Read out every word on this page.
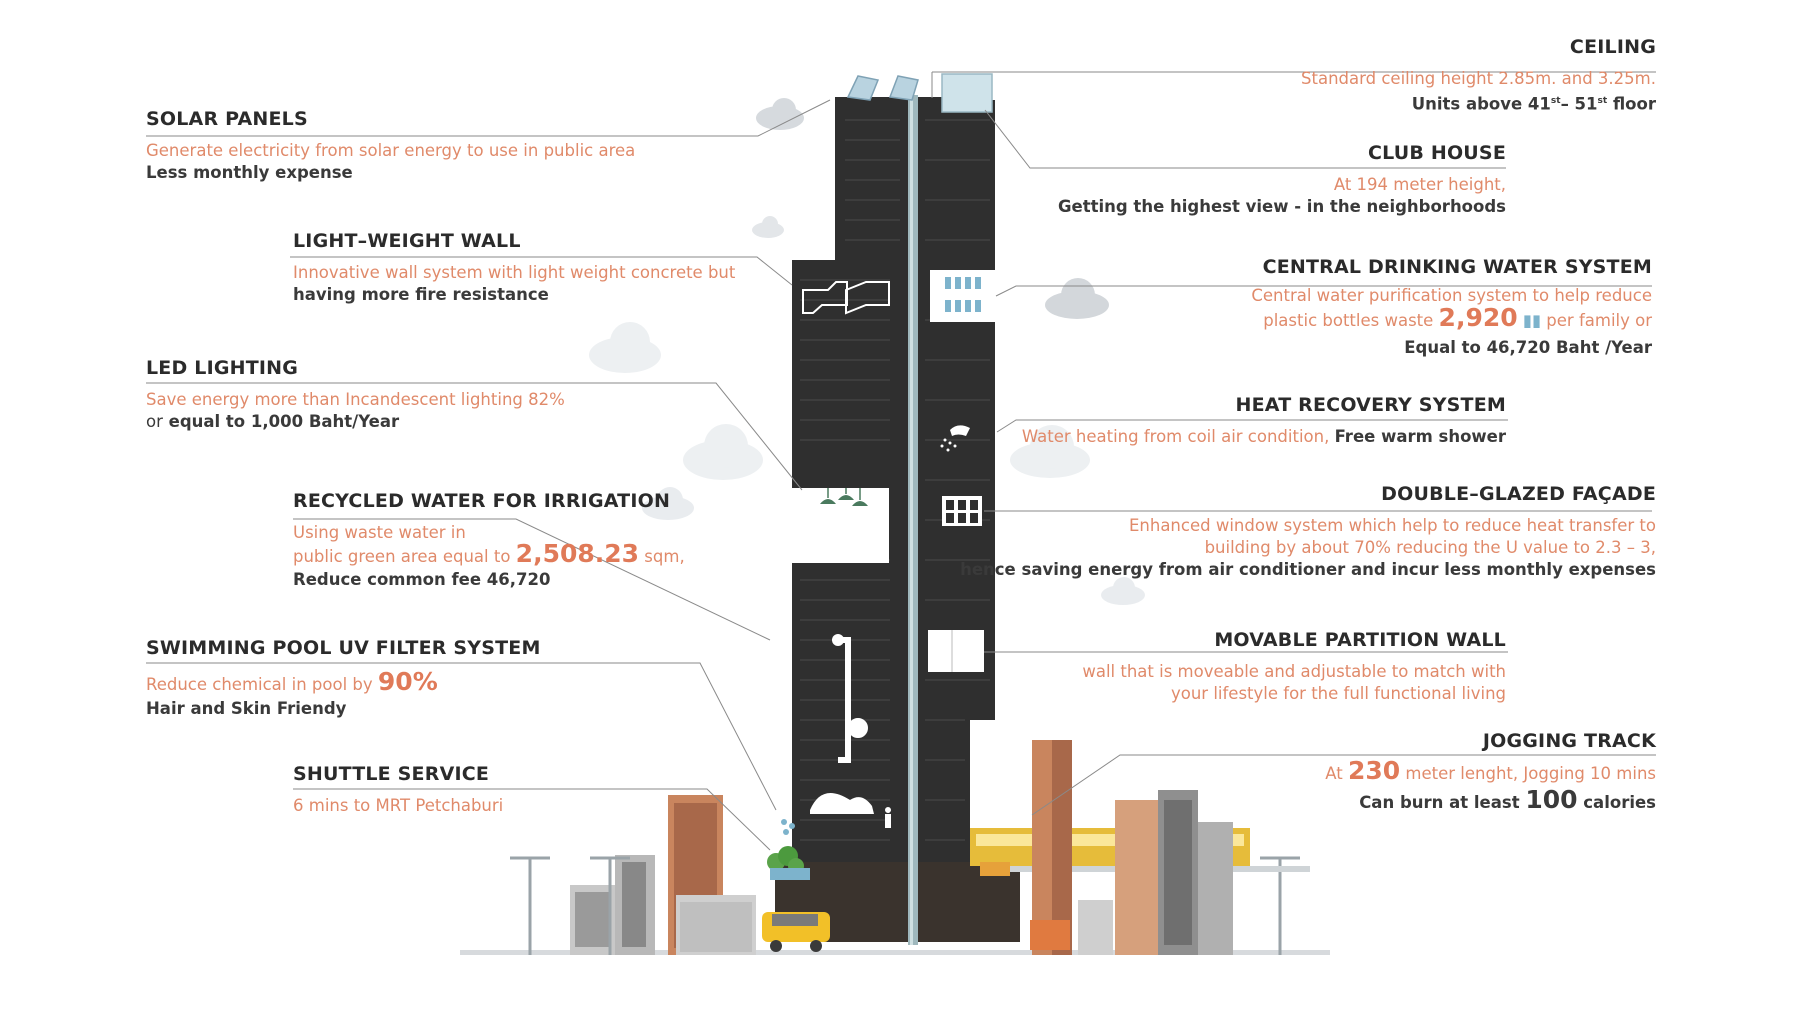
SOLAR PANELS
Generate electricity from solar energy to use in public area
Less monthly expense
LIGHT–WEIGHT WALL
Innovative wall system with light weight concrete but
having more fire resistance
LED LIGHTING
Save energy more than Incandescent lighting 82%
or equal to 1,000 Baht/Year
RECYCLED WATER FOR IRRIGATION
Using waste water in
public green area equal to 2,508.23 sqm,
Reduce common fee 46,720
SWIMMING POOL UV FILTER SYSTEM
Reduce chemical in pool by 90%
Hair and Skin Friendy
SHUTTLE SERVICE
6 mins to MRT Petchaburi
CEILING
Standard ceiling height 2.85m. and 3.25m.
Units above 41st– 51st floor
CLUB HOUSE
At 194 meter height,
Getting the highest view - in the neighborhoods
CENTRAL DRINKING WATER SYSTEM
Central water purification system to help reduce
plastic bottles waste 2,920 ▮▮ per family or
Equal to 46,720 Baht /Year
HEAT RECOVERY SYSTEM
Water heating from coil air condition, Free warm shower
DOUBLE–GLAZED FAÇADE
Enhanced window system which help to reduce heat transfer to
building by about 70% reducing the U value to 2.3 – 3,
hence saving energy from air conditioner and incur less monthly expenses
MOVABLE PARTITION WALL
wall that is moveable and adjustable to match with
your lifestyle for the full functional living
JOGGING TRACK
At 230 meter lenght, Jogging 10 mins
Can burn at least 100 calories
